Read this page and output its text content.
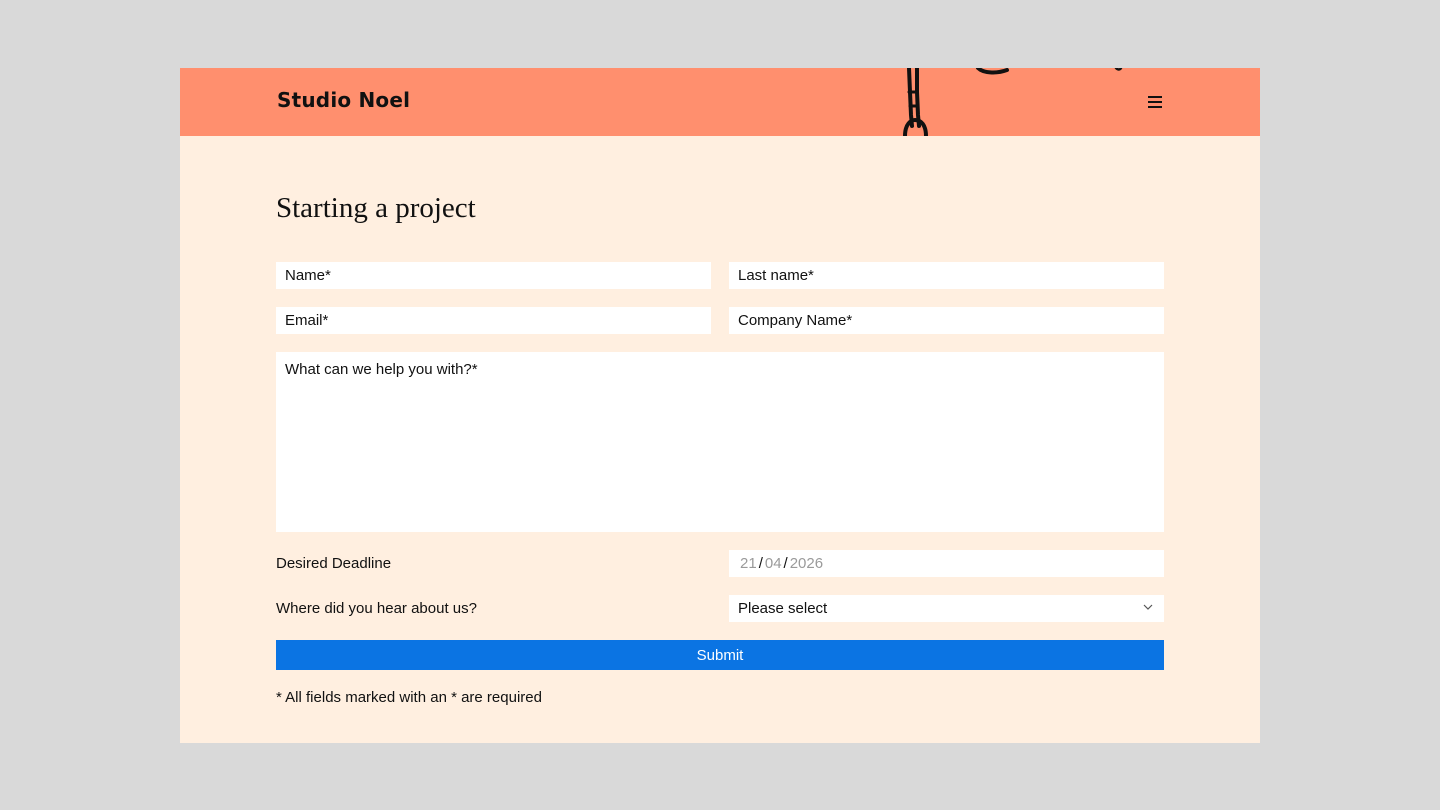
Studio Noel
Starting a project
Name*
Last name*
Email*
Company Name*
What can we help you with?*
Desired Deadline	21 / 04 / 2026
Where did you hear about us?	Please select
Submit
* All fields marked with an * are required
